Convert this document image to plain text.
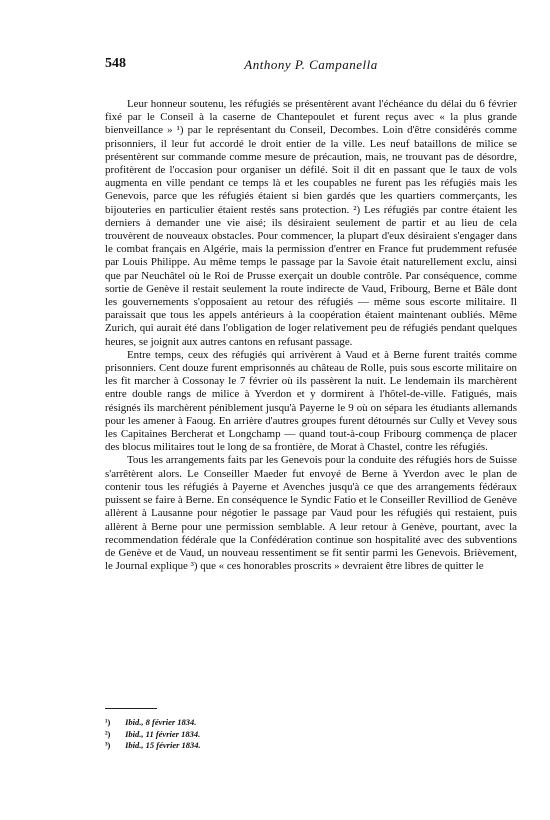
548	Anthony P. Campanella

Leur honneur soutenu, les réfugiés se présentèrent avant l'échéance du délai du 6 février fixé par le Conseil à la caserne de Chantepoulet et furent reçus avec « la plus grande bienveillance » ¹) par le représentant du Conseil, Decombes. Loin d'être considérés comme prisonniers, il leur fut accordé le droit entier de la ville. Les neuf bataillons de milice se présentèrent sur commande comme mesure de précaution, mais, ne trouvant pas de désordre, profitèrent de l'occasion pour organiser un défilé. Soit il dit en passant que le taux de vols augmenta en ville pendant ce temps là et les coupables ne furent pas les réfugiés mais les Genevois, parce que les réfugiés étaient si bien gardés que les quartiers commerçants, les bijouteries en particulier étaient restés sans protection. ²) Les réfugiés par contre étaient les derniers à demander une vie aisé; ils désiraient seulement de partir et au lieu de cela trouvèrent de nouveaux obstacles. Pour commencer, la plupart d'eux désiraient s'engager dans le combat français en Algérie, mais la permission d'entrer en France fut prudemment refusée par Louis Philippe. Au même temps le passage par la Savoie était naturellement exclu, ainsi que par Neuchâtel où le Roi de Prusse exerçait un double contrôle. Par conséquence, comme sortie de Genève il restait seulement la route indirecte de Vaud, Fribourg, Berne et Bâle dont les gouvernements s'opposaient au retour des réfugiés — même sous escorte militaire. Il paraissait que tous les appels antérieurs à la coopération étaient maintenant oubliés. Même Zurich, qui aurait été dans l'obligation de loger relativement peu de réfugiés pendant quelques heures, se joignit aux autres cantons en refusant passage.

Entre temps, ceux des réfugiés qui arrivèrent à Vaud et à Berne furent traités comme prisonniers. Cent douze furent emprisonnés au château de Rolle, puis sous escorte militaire on les fit marcher à Cossonay le 7 février où ils passèrent la nuit. Le lendemain ils marchèrent entre double rangs de milice à Yverdon et y dormirent à l'hôtel-de-ville. Fatigués, mais résignés ils marchèrent péniblement jusqu'à Payerne le 9 où on sépara les étudiants allemands pour les amener à Faoug. En arrière d'autres groupes furent détournés sur Cully et Vevey sous les Capitaines Bercherat et Longchamp — quand tout-à-coup Fribourg commença de placer des blocus militaires tout le long de sa frontière, de Morat à Chastel, contre les réfugiés.

Tous les arrangements faits par les Genevois pour la conduite des réfugiés hors de Suisse s'arrêtèrent alors. Le Conseiller Maeder fut envoyé de Berne à Yverdon avec le plan de contenir tous les réfugiés à Payerne et Avenches jusqu'à ce que des arrangements fédéraux puissent se faire à Berne. En conséquence le Syndic Fatio et le Conseiller Revilliod de Genève allèrent à Lausanne pour négotier le passage par Vaud pour les réfugiés qui restaient, puis allèrent à Berne pour une permission semblable. A leur retour à Genève, pourtant, avec la recommendation fédérale que la Confédération continue son hospitalité avec des subventions de Genève et de Vaud, un nouveau ressentiment se fit sentir parmi les Genevois. Brièvement, le Journal explique ³) que « ces honorables proscrits » devraient être libres de quitter le

¹) Ibid., 8 février 1834.
²) Ibid., 11 février 1834.
³) Ibid., 15 février 1834.
